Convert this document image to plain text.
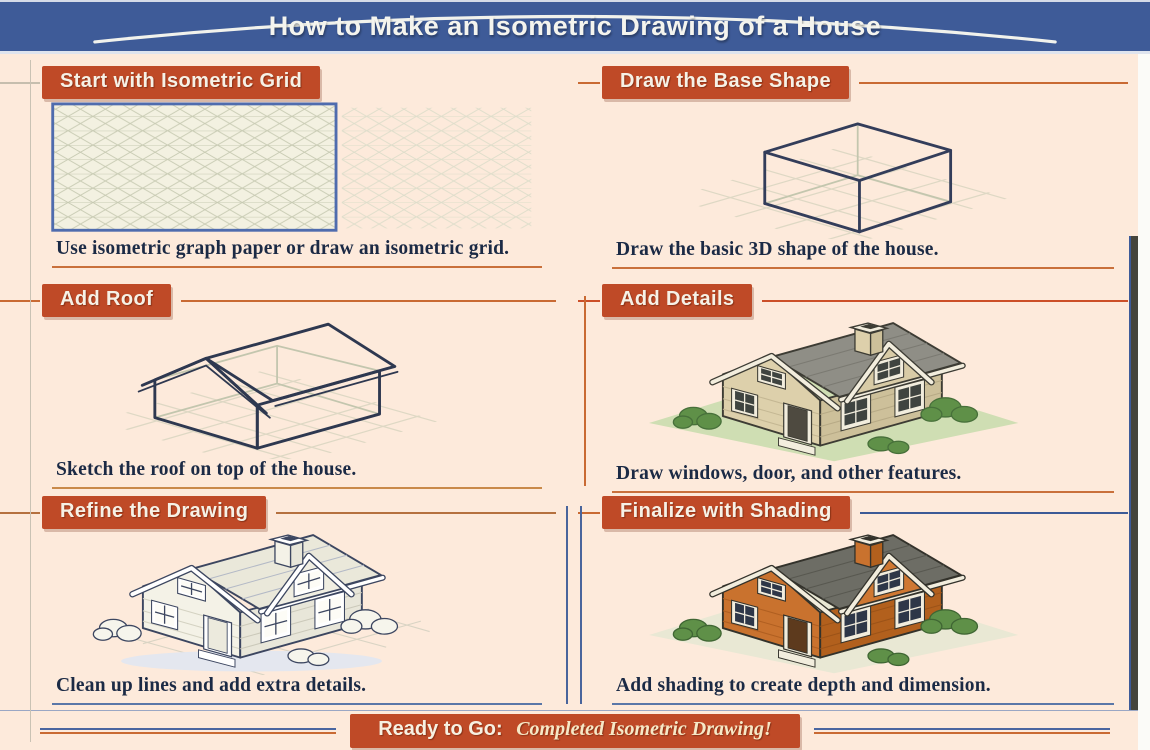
How to Make an Isometric Drawing of a House
Start with Isometric Grid

Use isometric graph paper or draw an isometric grid.

Draw the Base Shape

Draw the basic 3D shape of the house.

Add Roof

Sketch the roof on top of the house.

Add Details

Draw windows, door, and other features.

Refine the Drawing

Clean up lines and add extra details.

Finalize with Shading

Add shading to create depth and dimension.

Ready to Go: Completed Isometric Drawing!
